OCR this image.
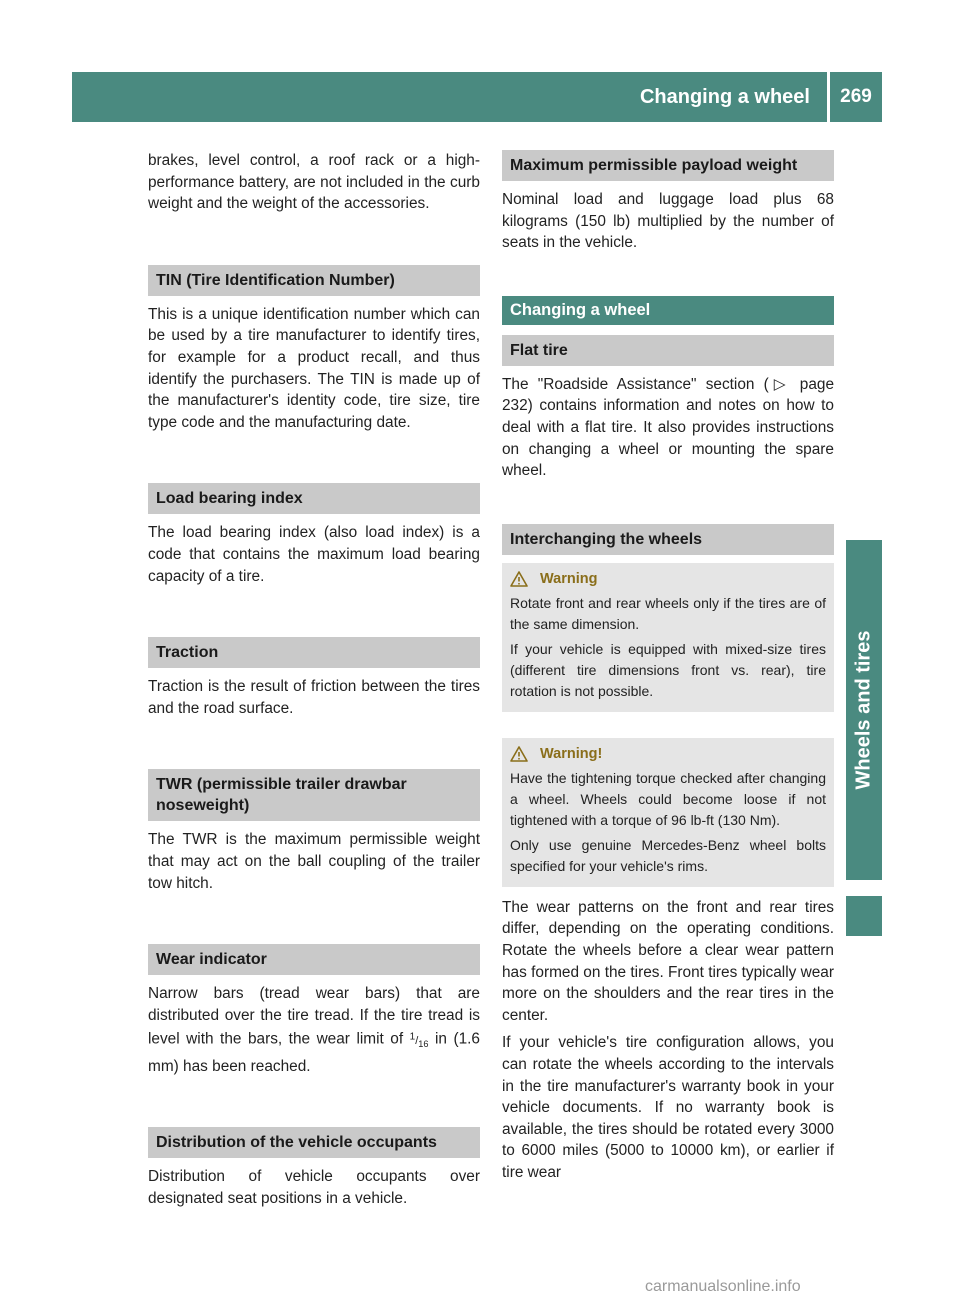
Changing a wheel	269
Wheels and tires

brakes, level control, a roof rack or a high-performance battery, are not included in the curb weight and the weight of the accessories.

TIN (Tire Identification Number)

This is a unique identification number which can be used by a tire manufacturer to identify tires, for example for a product recall, and thus identify the purchasers. The TIN is made up of the manufacturer's identity code, tire size, tire type code and the manufacturing date.

Load bearing index

The load bearing index (also load index) is a code that contains the maximum load bearing capacity of a tire.

Traction

Traction is the result of friction between the tires and the road surface.

TWR (permissible trailer drawbar noseweight)

The TWR is the maximum permissible weight that may act on the ball coupling of the trailer tow hitch.

Wear indicator

Narrow bars (tread wear bars) that are distributed over the tire tread. If the tire tread is level with the bars, the wear limit of $^1/_{16}$ in (1.6 mm) has been reached.

Distribution of the vehicle occupants

Distribution of vehicle occupants over designated seat positions in a vehicle.

Maximum permissible payload weight

Nominal load and luggage load plus 68 kilograms (150 lb) multiplied by the number of seats in the vehicle.

Changing a wheel
Flat tire

The "Roadside Assistance" section (▷ page 232) contains information and notes on how to deal with a flat tire. It also provides instructions on changing a wheel or mounting the spare wheel.

Interchanging the wheels
Warning

Rotate front and rear wheels only if the tires are of the same dimension.

If your vehicle is equipped with mixed-size tires (different tire dimensions front vs. rear), tire rotation is not possible.

Warning!

Have the tightening torque checked after changing a wheel. Wheels could become loose if not tightened with a torque of 96 lb-ft (130 Nm).

Only use genuine Mercedes-Benz wheel bolts specified for your vehicle's rims.

The wear patterns on the front and rear tires differ, depending on the operating conditions. Rotate the wheels before a clear wear pattern has formed on the tires. Front tires typically wear more on the shoulders and the rear tires in the center.

If your vehicle's tire configuration allows, you can rotate the wheels according to the intervals in the tire manufacturer's warranty book in your vehicle documents. If no warranty book is available, the tires should be rotated every 3000 to 6000 miles (5000 to 10000 km), or earlier if tire wear

carmanualsonline.info
